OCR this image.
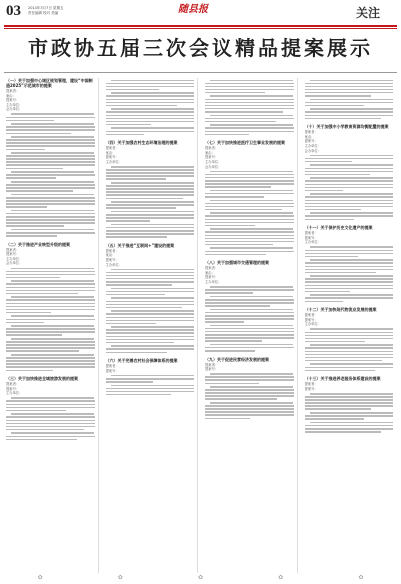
03 2014年3月7日 星期五
责任编辑 校对 美编	随县报	关注
市政协五届三次会议精品提案展示
（一）关于加强中心城区规划管理，建设“中国制造2025”示范城市的提案
提案者：
案由：
提案号：
主办单位：
会办单位：
（二）关于推进产业转型升级的提案
提案者：
提案号：
主办单位：
会办单位：
（三）关于加快推进全域旅游发展的提案
提案者：
提案号：
主办单位：
（四）关于加强农村生态环境治理的提案
提案者：
案由：
提案号：
主办单位：
（五）关于推进“互联网+”建设的提案
提案者：
案由：
提案号：
主办单位：
（六）关于完善农村社会保障体系的提案
提案者：
提案号：
（七）关于加快推进医疗卫生事业发展的提案
提案者：
案由：
提案号：
主办单位：
会办单位：
（八）关于加强城市交通管理的提案
提案者：
案由：
提案号：
主办单位：
（九）关于促进民营经济发展的提案
提案者：
提案号：
（十）关于加强中小学教育资源均衡配置的提案
提案者：
案由：
提案号：
主办单位：
会办单位：
（十一）关于保护历史文化遗产的提案
提案者：
提案号：
主办单位：
（十二）关于加快现代物流业发展的提案
提案者：
提案号：
主办单位：
（十三）关于推进养老服务体系建设的提案
提案者：
提案号：
✿	✿	✿	✿	✿
